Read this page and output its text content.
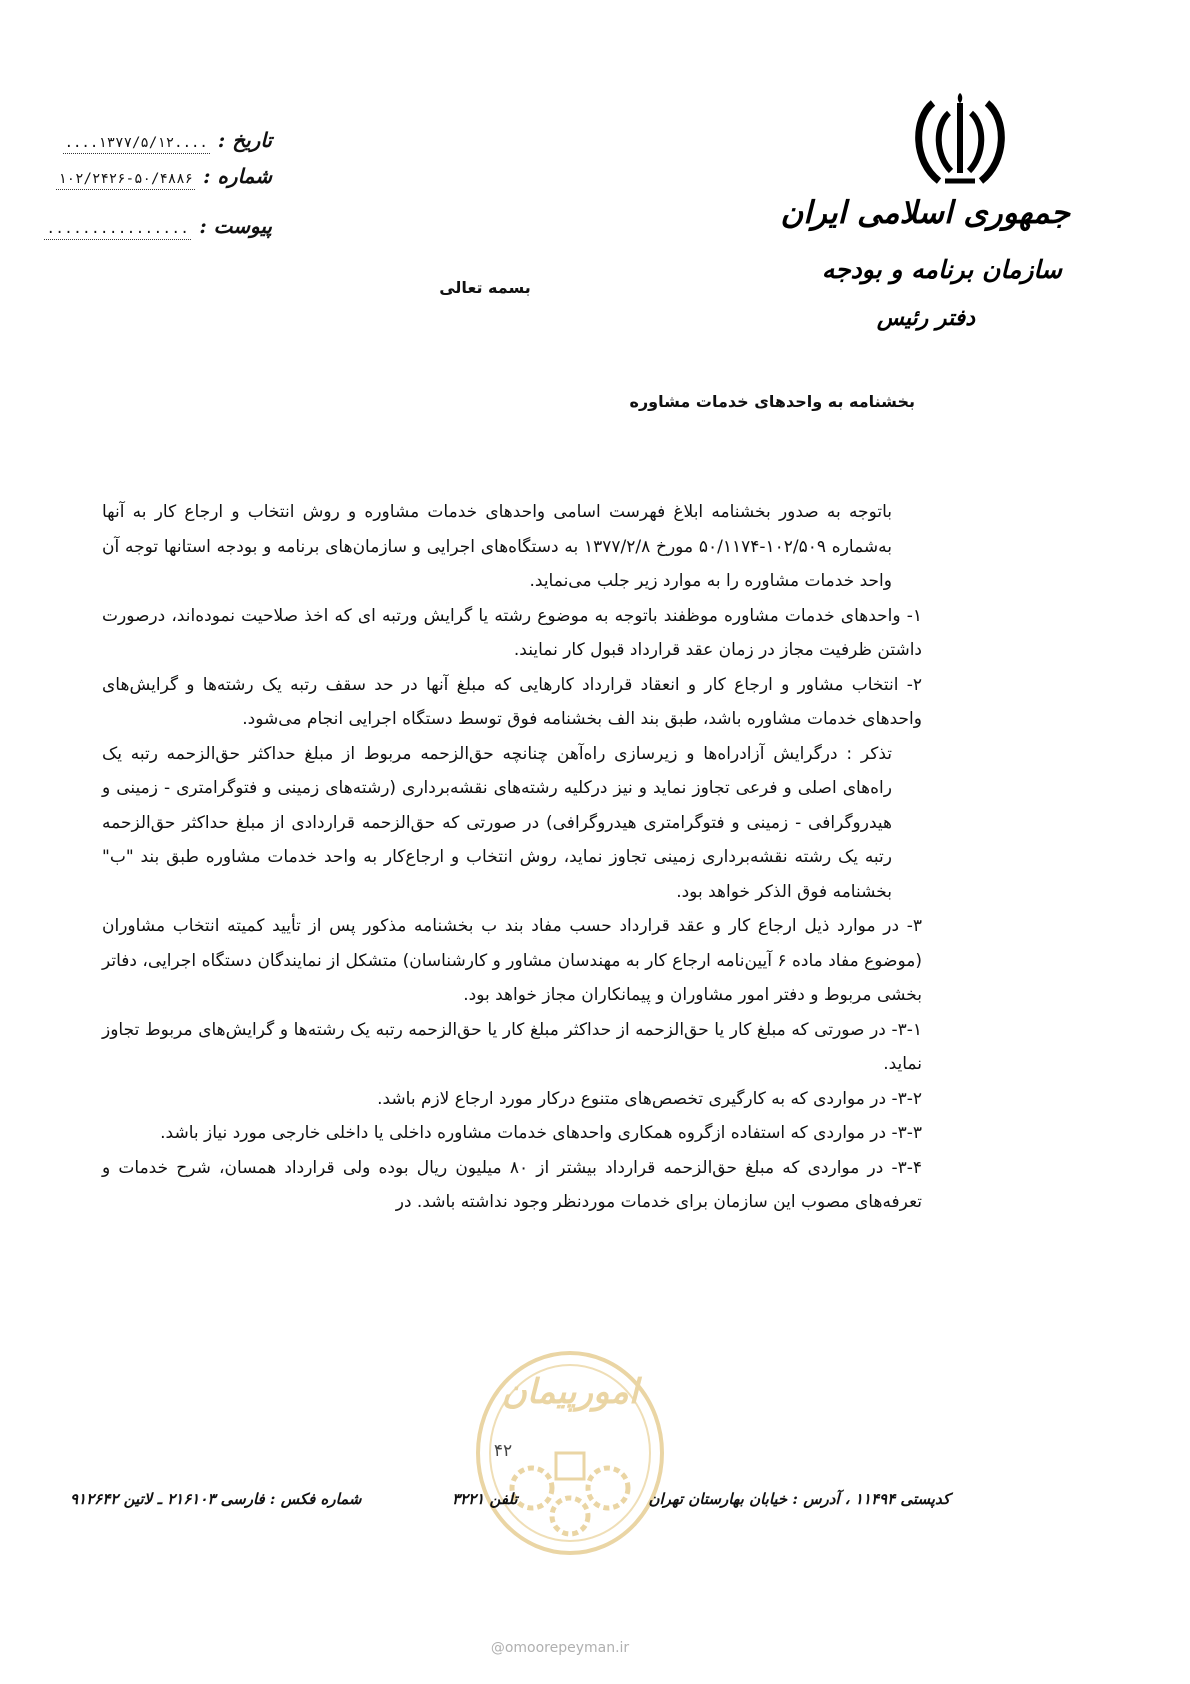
جمهوری اسلامی ایران
سازمان برنامه و بودجه
دفتر رئیس
تاریخ :
....۱۳۷۷/۵/۱۲....
شماره :
۱۰۲/۲۴۲۶-۵۰/۴۸۸۶
پیوست :
................
بسمه تعالی
بخشنامه به واحدهای خدمات مشاوره

باتوجه به صدور بخشنامه ابلاغ فهرست اسامی واحدهای خدمات مشاوره و روش انتخاب و ارجاع کار به آنها به‌شماره ۱۰۲/۵۰۹-۵۰/۱۱۷۴ مورخ ۱۳۷۷/۲/۸ به دستگاه‌های اجرایی و سازمان‌های برنامه و بودجه استانها توجه آن واحد خدمات مشاوره را به موارد زیر جلب می‌نماید.

۱- واحدهای خدمات مشاوره موظفند باتوجه به موضوع رشته یا گرایش ورتبه ای که اخذ صلاحیت نموده‌اند، درصورت داشتن ظرفیت مجاز در زمان عقد قرارداد قبول کار نمایند.

۲- انتخاب مشاور و ارجاع کار و انعقاد قرارداد کارهایی که مبلغ آنها در حد سقف رتبه یک رشته‌ها و گرایش‌های واحدهای خدمات مشاوره باشد، طبق بند الف بخشنامه فوق توسط دستگاه اجرایی انجام می‌شود.

تذکر : درگرایش آزادراه‌ها و زیرسازی راه‌آهن چنانچه حق‌الزحمه مربوط از مبلغ حداکثر حق‌الزحمه رتبه یک راه‌های اصلی و فرعی تجاوز نماید و نیز درکلیه رشته‌های نقشه‌برداری (رشته‌های زمینی و فتوگرامتری - زمینی و هیدروگرافی - زمینی و فتوگرامتری هیدروگرافی) در صورتی که حق‌الزحمه قراردادی از مبلغ حداکثر حق‌الزحمه رتبه یک رشته نقشه‌برداری زمینی تجاوز نماید، روش انتخاب و ارجاع‌کار به واحد خدمات مشاوره طبق بند "ب" بخشنامه فوق الذکر خواهد بود.

۳- در موارد ذیل ارجاع کار و عقد قرارداد حسب مفاد بند ب بخشنامه مذکور پس از تأیید کمیته انتخاب مشاوران (موضوع مفاد ماده ۶ آیین‌نامه ارجاع کار به مهندسان مشاور و کارشناسان) متشکل از نمایندگان دستگاه اجرایی، دفاتر بخشی مربوط و دفتر امور مشاوران و پیمانکاران مجاز خواهد بود.

۳-۱- در صورتی که مبلغ کار یا حق‌الزحمه از حداکثر مبلغ کار یا حق‌الزحمه رتبه یک رشته‌ها و گرایش‌های مربوط تجاوز نماید.

۳-۲- در مواردی که به کارگیری تخصص‌های متنوع درکار مورد ارجاع لازم باشد.

۳-۳- در مواردی که استفاده ازگروه همکاری واحدهای خدمات مشاوره داخلی یا داخلی خارجی مورد نیاز باشد.

۳-۴- در مواردی که مبلغ حق‌الزحمه قرارداد بیشتر از ۸۰ میلیون ریال بوده ولی قرارداد همسان، شرح خدمات و تعرفه‌های مصوب این سازمان برای خدمات موردنظر وجود نداشته باشد. در

امورپیمان
۴۲
شماره فکس : فارسی ۲۱۶۱۰۳ ـ لاتین ۹۱۲۶۴۲	تلفن ۳۲۲۱	کدپستی ۱۱۴۹۴ ، آدرس : خیابان بهارستان تهران
@omoorepeyman.ir
